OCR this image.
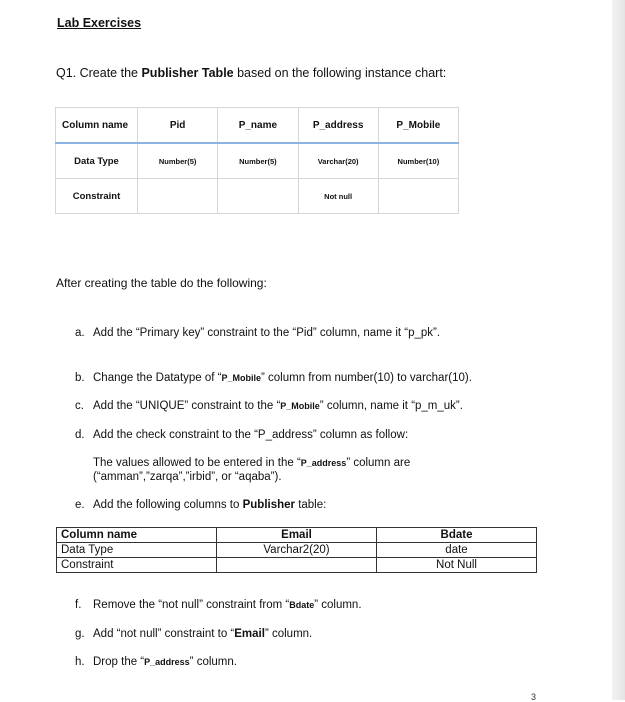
Lab Exercises
Q1. Create the Publisher Table based on the following instance chart:
Column name	Pid	P_name	P_address	P_Mobile
Data Type	Number(5)	Number(5)	Varchar(20)	Number(10)
Constraint			Not null	
After creating the table do the following:
a. Add the “Primary key” constraint to the “Pid” column, name it “p_pk”.
b. Change the Datatype of “P_Mobile” column from number(10) to varchar(10).
c. Add the “UNIQUE” constraint to the “P_Mobile” column, name it “p_m_uk”.
d. Add the check constraint to the “P_address” column as follow:
The values allowed to be entered in the “P_address” column are (“amman”,”zarqa”,”irbid”, or “aqaba”).
e. Add the following columns to Publisher table:
Column name	Email	Bdate
Data Type	Varchar2(20)	date
Constraint		Not Null
f. Remove the “not null” constraint from “Bdate” column.
g. Add “not null” constraint to “Email” column.
h. Drop the “P_address” column.
3
